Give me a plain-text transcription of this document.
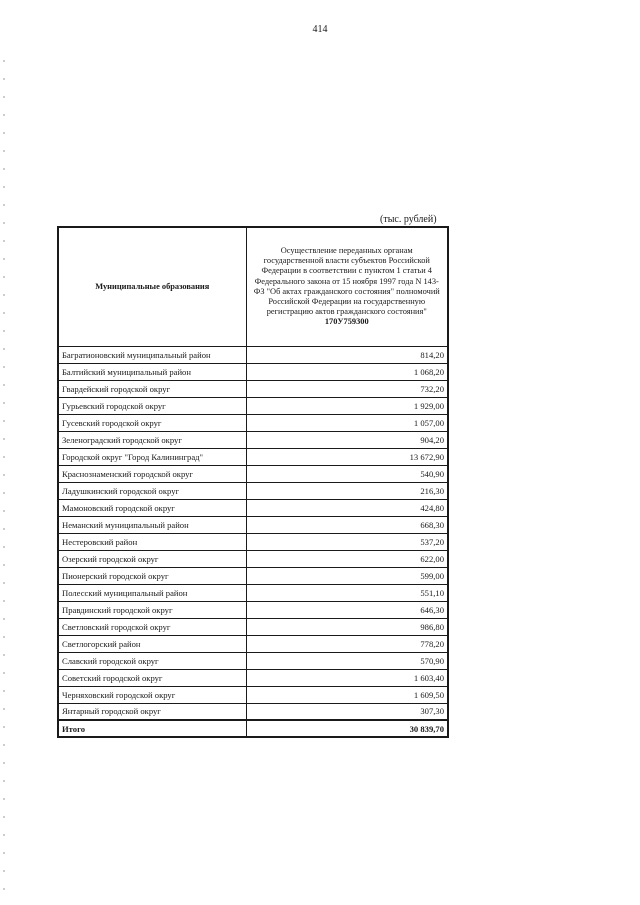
414
(тыс. рублей)
Муниципальные образования	Осуществление переданных органам государственной власти субъектов Российской Федерации в соответствии с пунктом 1 статьи 4 Федерального закона от 15 ноября 1997 года N 143-ФЗ "Об актах гражданского состояния" полномочий Российской Федерации на государственную регистрацию актов гражданского состояния"
170У759300

Багратионовский муниципальный район	814,20
Балтийский муниципальный район	1 068,20
Гвардейский городской округ	732,20
Гурьевский городской округ	1 929,00
Гусевский городской округ	1 057,00
Зеленоградский городской округ	904,20
Городской округ "Город Калининград"	13 672,90
Краснознаменский городской округ	540,90
Ладушкинский городской округ	216,30
Мамоновский городской округ	424,80
Неманский муниципальный район	668,30
Нестеровский район	537,20
Озерский городской округ	622,00
Пионерский городской округ	599,00
Полесский муниципальный район	551,10
Правдинский городской округ	646,30
Светловский городской округ	986,80
Светлогорский район	778,20
Славский городской округ	570,90
Советский городской округ	1 603,40
Черняховский городской округ	1 609,50
Янтарный городской округ	307,30
Итого	30 839,70
